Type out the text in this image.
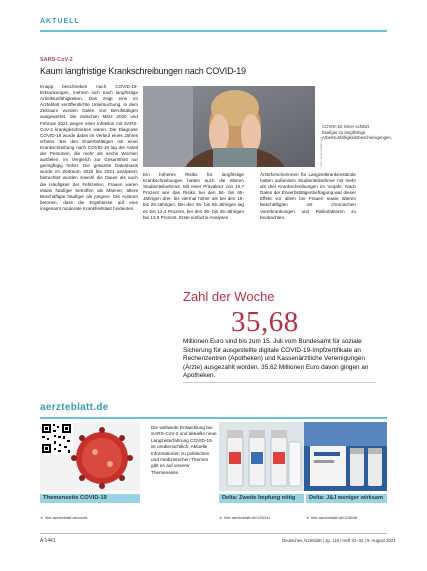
AKTUELL
SARS-CoV-2
Kaum langfristige Krankschreibungen nach COVID-19

Knapp beschrieben nach COVID-19-Erkrankungen, mehren sich nach langfristige Arbeitsunfähigkeiten. Das zeigt eine im Ärzteblatt veröffentlichte Untersuchung. In dem Zeitraum wurden Daten von Berufstätigen ausgewertet, die zwischen März 2020 und Februar 2021 wegen einer Infektion mit SARS-CoV-2 krankgeschrieben waren. Die Diagnose COVID-19 wurde dabei im Verlauf eines Jahres erfasst. Bei den Erwerbstätigen mit einer Krankschreibung nach COVID-19 lag der Anteil der Personen, die mehr als sechs Wochen ausfielen, im Vergleich zur Gesamtheit nur geringfügig höher. Die gesamte Datenbasis wurde im Zeitraum 2020 bis 2021 analysiert; betrachtet wurden sowohl die Dauer als auch die Häufigkeit der Fehlzeiten. Frauen waren etwas häufiger betroffen als Männer, ältere Beschäftigte häufiger als jüngere. Die Autoren betonen, dass die Ergebnisse auf eine insgesamt moderate Krankheitslast hindeuten.

COVID-19: Einer schätzt häufiger zu langfristige Arbeitsunfähigkeitsbescheinigungen.
Foto: stock.adobe.com

Ein höheres Risiko für langfristige Krankschreibungen hatten auch die älteren Studienteilnehmer. Mit einer Prävalenz von 10,7 Prozent war das Risiko bei den 56- bis 65-Jährigen drei- bis viermal höher als bei den 16- bis 25-Jährigen. Bei den 46- bis 55-Jährigen lag es bei 13,4 Prozent, bei den 36- bis 45-Jährigen bei 13,9 Prozent. Erste einfache Analysen

Ärzteforscherinnen für Langzeitkrankenstände hatten außerdem Studienteilnehmer mit mehr als drei Krankschreibungen im Vorjahr. Nach Daten der Erwerbstätigenbefragung war dieser Effekt vor allem bei Frauen sowie älteren Beschäftigten mit chronischen Vorerkrankungen und Risikofaktoren zu beobachten.

Zahl der Woche
35,68
Millionen Euro sind bis zum 15. Juli vom Bundesamt für soziale Sicherung für ausgestellte digitale COVID-19-Impfzertifikate an Rechenzentren (Apotheken) und Kassenärztliche Vereinigungen (Ärzte) ausgezahlt worden. 35,62 Millionen Euro davon gingen an Apotheken.
aerzteblatt.de
Themenseite COVID-19
► hier.aerzteblatt.de/covid
Die weltweite Entwicklung bei SARS-CoV-2 und aktuelle neue Langzeiterfahrung COVID-19 ist unübersichtlich. Aktuelle Informationen zu politischen und medizinischen Themen gibt es auf unserer Themenseite.
Delta: Zweite Impfung nötig
► hier.aerzteblatt.de/126041
Delta: J&J weniger wirksam
► hier.aerzteblatt.de/126046
A 1441	Deutsches Ärzteblatt | Jg. 118 | Heft 31–32 | 9. August 2021
